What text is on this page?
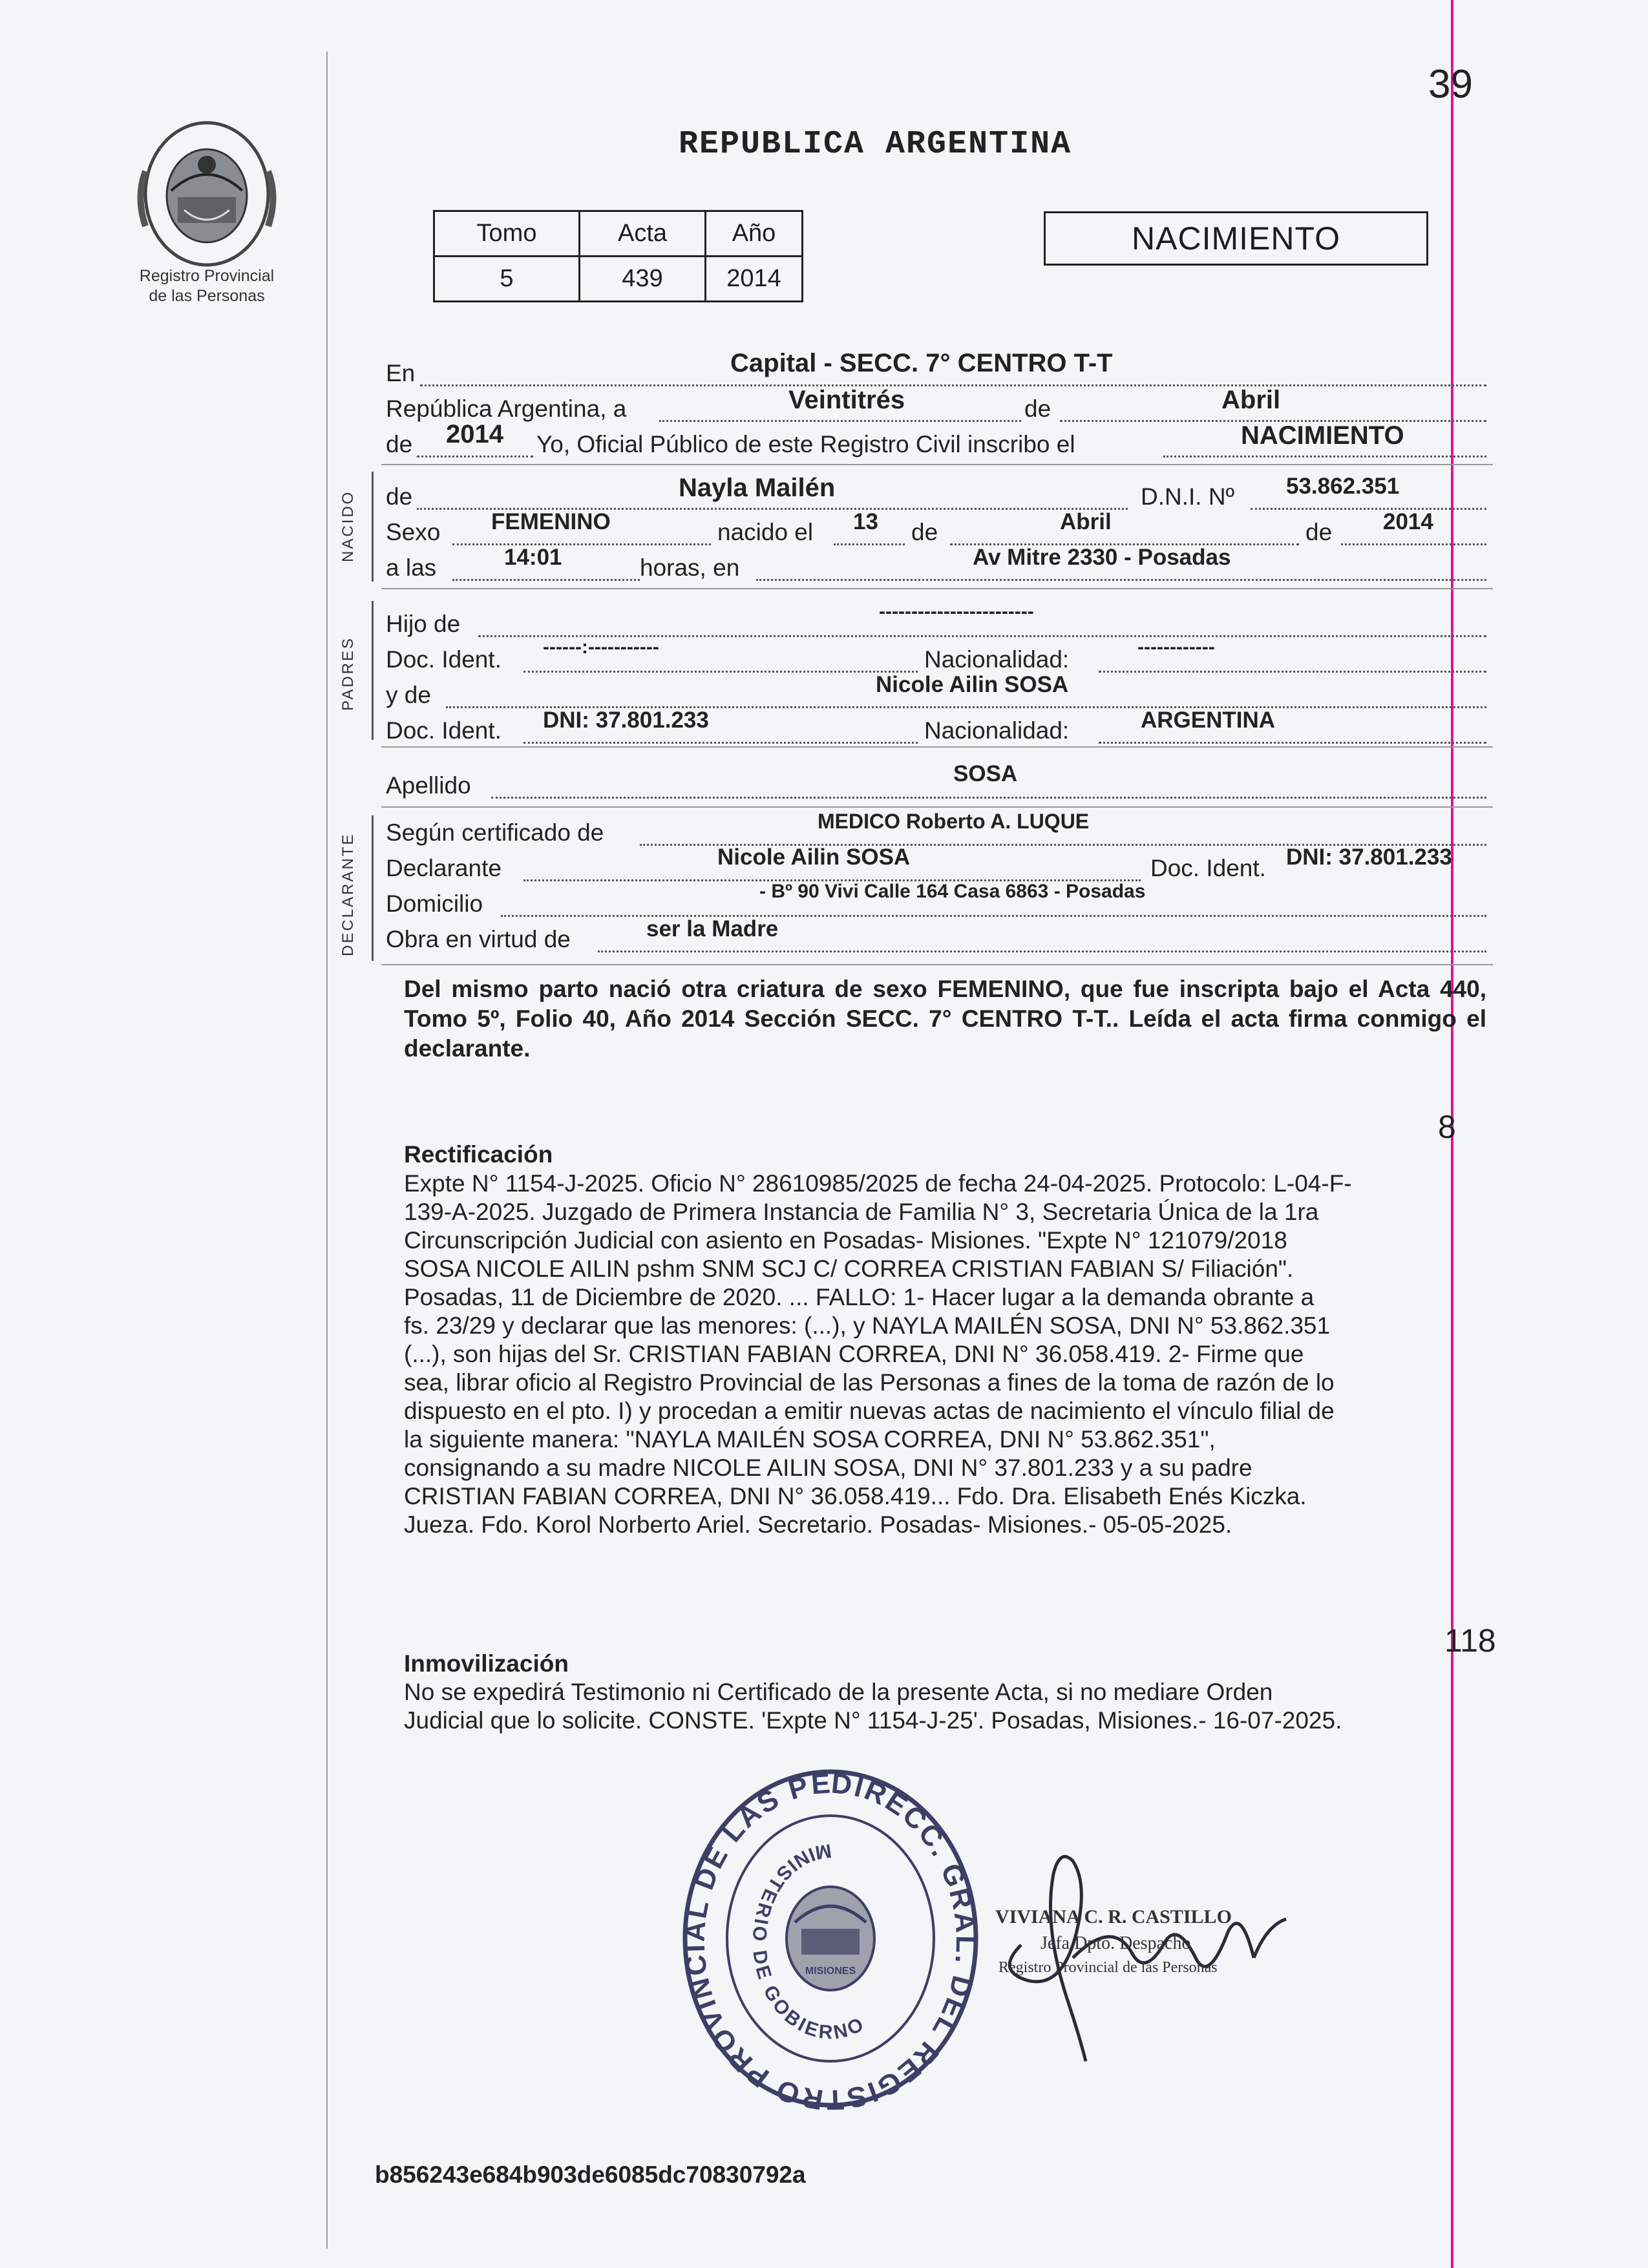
39
Registro Provincial
de las Personas
REPUBLICA ARGENTINA
Tomo	Acta	Año
5	439	2014
NACIMIENTO
En	Capital - SECC. 7° CENTRO T-T
República Argentina, a	Veintitrés	de	Abril
de 2014 Yo, Oficial Público de este Registro Civil inscribo el	NACIMIENTO
NACIDO de	Nayla Mailén	D.N.I. Nº 53.862.351
Sexo FEMENINO	nacido el 13 de	Abril	de 2014
a las	14:01	horas, en	Av Mitre 2330 - Posadas
PADRES
Hijo de	------------------------
Doc. Ident. ------:-----------	Nacionalidad:	------------
y de	Nicole Ailin SOSA
Doc. Ident. DNI: 37.801.233	Nacionalidad:	ARGENTINA
Apellido	SOSA
DECLARANTE
Según certificado de	MEDICO Roberto A. LUQUE
Declarante	Nicole Ailin SOSA	Doc. Ident. DNI: 37.801.233
Domicilio	- Bº 90 Vivi Calle 164 Casa 6863 - Posadas
Obra en virtud de	ser la Madre
Del mismo parto nació otra criatura de sexo FEMENINO, que fue inscripta bajo el Acta 440, Tomo 5º, Folio 40, Año 2014 Sección SECC. 7° CENTRO T-T.. Leída el acta firma conmigo el declarante.
8
Rectificación
Expte N° 1154-J-2025. Oficio N° 28610985/2025 de fecha 24-04-2025. Protocolo: L-04-F-
139-A-2025. Juzgado de Primera Instancia de Familia N° 3, Secretaria Única de la 1ra
Circunscripción Judicial con asiento en Posadas- Misiones. "Expte N° 121079/2018
SOSA NICOLE AILIN pshm SNM SCJ C/ CORREA CRISTIAN FABIAN S/ Filiación".
Posadas, 11 de Diciembre de 2020. ... FALLO: 1- Hacer lugar a la demanda obrante a
fs. 23/29 y declarar que las menores: (...), y NAYLA MAILÉN SOSA, DNI N° 53.862.351
(...), son hijas del Sr. CRISTIAN FABIAN CORREA, DNI N° 36.058.419. 2- Firme que
sea, librar oficio al Registro Provincial de las Personas a fines de la toma de razón de lo
dispuesto en el pto. I) y procedan a emitir nuevas actas de nacimiento el vínculo filial de
la siguiente manera: "NAYLA MAILÉN SOSA CORREA, DNI N° 53.862.351",
consignando a su madre NICOLE AILIN SOSA, DNI N° 37.801.233 y a su padre
CRISTIAN FABIAN CORREA, DNI N° 36.058.419... Fdo. Dra. Elisabeth Enés Kiczka.
Jueza. Fdo. Korol Norberto Ariel. Secretario. Posadas- Misiones.- 05-05-2025.
118
Inmovilización
No se expedirá Testimonio ni Certificado de la presente Acta, si no mediare Orden
Judicial que lo solicite. CONSTE. 'Expte N° 1154-J-25'. Posadas, Misiones.- 16-07-2025.
DIRECC. GRAL. DEL REGISTRO PROVINCIAL DE LAS PE
MINISTERIO DE GOBIERNO
MISIONES
VIVIANA C. R. CASTILLO
Jefa Dpto. Despacho
Registro Provincial de las Personas
b856243e684b903de6085dc70830792a
